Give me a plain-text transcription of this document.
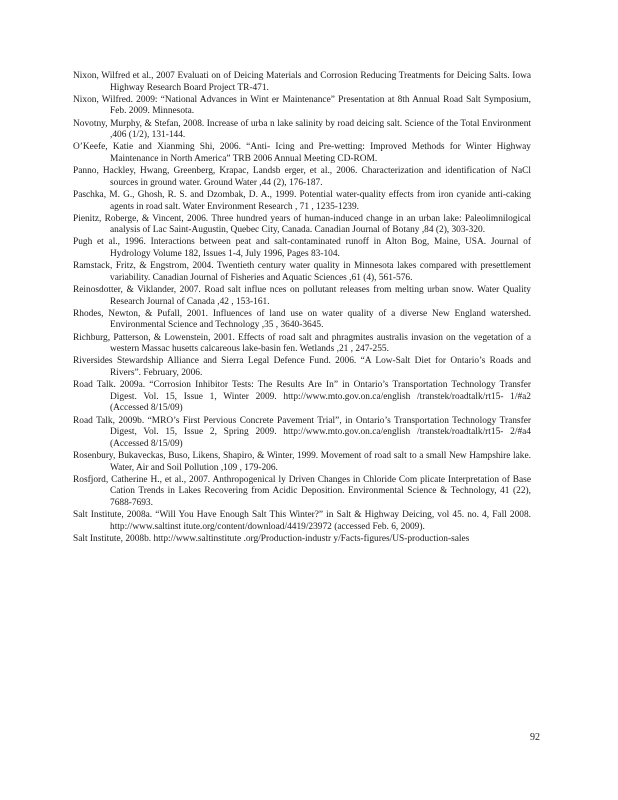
Nixon, Wilfred et al., 2007 Evaluati on of Deicing Materials and Corrosion Reducing Treatments for Deicing Salts. Iowa Highway Research Board Project TR-471.

Nixon, Wilfred. 2009: “National Advances in Wint er Maintenance” Presentation at 8th Annual Road Salt Symposium, Feb. 2009. Minnesota.

Novotny, Murphy, & Stefan, 2008. Increase of urba n lake salinity by road deicing salt. Science of the Total Environment ,406 (1/2), 131-144.

O’Keefe, Katie and Xianming Shi, 2006. “Anti- Icing and Pre-wetting: Improved Methods for Winter Highway Maintenance in North America” TRB 2006 Annual Meeting CD-ROM.

Panno, Hackley, Hwang, Greenberg, Krapac, Landsb erger, et al., 2006. Characterization and identification of NaCl sources in ground water. Ground Water ,44 (2), 176-187.

Paschka, M. G., Ghosh, R. S. and Dzombak, D. A., 1999. Potential water-quality effects from iron cyanide anti-caking agents in road salt. Water Environment Research , 71 , 1235-1239.

Pienitz, Roberge, & Vincent, 2006. Three hundred years of human-induced change in an urban lake: Paleolimnilogical analysis of Lac Saint-Augustin, Quebec City, Canada. Canadian Journal of Botany ,84 (2), 303-320.

Pugh et al., 1996. Interactions between peat and salt-contaminated runoff in Alton Bog, Maine, USA. Journal of Hydrology Volume 182, Issues 1-4, July 1996, Pages 83-104.

Ramstack, Fritz, & Engstrom, 2004. Twentieth century water quality in Minnesota lakes compared with presettlement variability. Canadian Journal of Fisheries and Aquatic Sciences ,61 (4), 561-576.

Reinosdotter, & Viklander, 2007. Road salt influe nces on pollutant releases from melting urban snow. Water Quality Research Journal of Canada ,42 , 153-161.

Rhodes, Newton, & Pufall, 2001. Influences of land use on water quality of a diverse New England watershed. Environmental Science and Technology ,35 , 3640-3645.

Richburg, Patterson, & Lowenstein, 2001. Effects of road salt and phragmites australis invasion on the vegetation of a western Massac husetts calcareous lake-basin fen. Wetlands ,21 , 247-255.

Riversides Stewardship Alliance and Sierra Legal Defence Fund. 2006. “A Low-Salt Diet for Ontario’s Roads and Rivers”. February, 2006.

Road Talk. 2009a. “Corrosion Inhibitor Tests: The Results Are In” in Ontario’s Transportation Technology Transfer Digest. Vol. 15, Issue 1, Winter 2009. http://www.mto.gov.on.ca/english /transtek/roadtalk/rt15- 1/#a2 (Accessed 8/15/09)

Road Talk, 2009b. “MRO’s First Pervious Concrete Pavement Trial”, in Ontario’s Transportation Technology Transfer Digest, Vol. 15, Issue 2, Spring 2009. http://www.mto.gov.on.ca/english /transtek/roadtalk/rt15- 2/#a4 (Accessed 8/15/09)

Rosenbury, Bukaveckas, Buso, Likens, Shapiro, & Winter, 1999. Movement of road salt to a small New Hampshire lake. Water, Air and Soil Pollution ,109 , 179-206.

Rosfjord, Catherine H., et al., 2007. Anthropogenical ly Driven Changes in Chloride Com plicate Interpretation of Base Cation Trends in Lakes Recovering from Acidic Deposition. Environmental Science & Technology, 41 (22), 7688-7693.

Salt Institute, 2008a. “Will You Have Enough Salt This Winter?” in Salt & Highway Deicing, vol 45. no. 4, Fall 2008. http://www.saltinst itute.org/content/download/4419/23972 (accessed Feb. 6, 2009).

Salt Institute, 2008b. http://www.saltinstitute .org/Production-industr y/Facts-figures/US-production-sales

92
